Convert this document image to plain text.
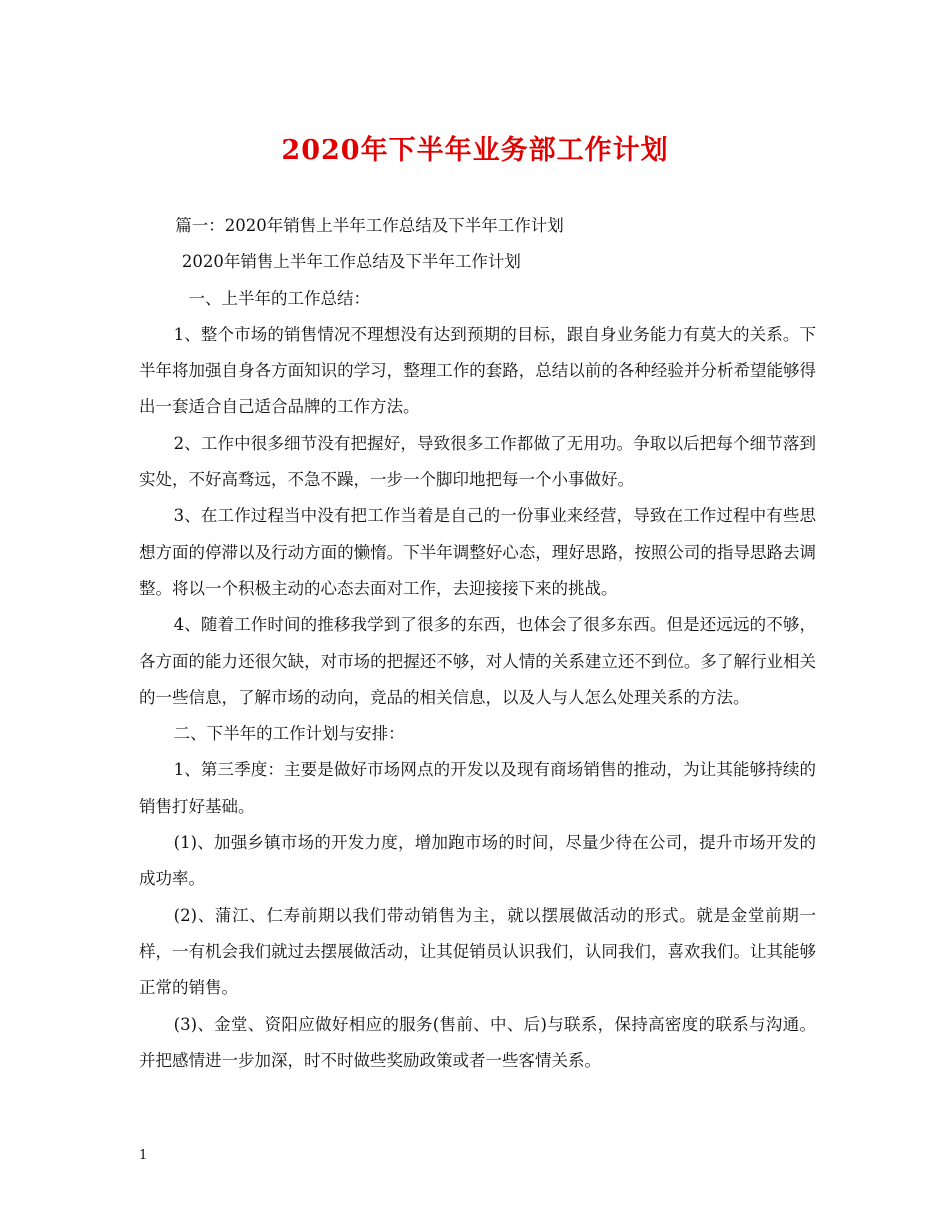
2020年下半年业务部工作计划

篇一：2020年销售上半年工作总结及下半年工作计划

2020年销售上半年工作总结及下半年工作计划

一、上半年的工作总结：

1、整个市场的销售情况不理想没有达到预期的目标，跟自身业务能力有莫大的关系。下半年将加强自身各方面知识的学习，整理工作的套路，总结以前的各种经验并分析希望能够得出一套适合自己适合品牌的工作方法。

2、工作中很多细节没有把握好，导致很多工作都做了无用功。争取以后把每个细节落到实处，不好高骛远，不急不躁，一步一个脚印地把每一个小事做好。

3、在工作过程当中没有把工作当着是自己的一份事业来经营，导致在工作过程中有些思想方面的停滞以及行动方面的懒惰。下半年调整好心态，理好思路，按照公司的指导思路去调整。将以一个积极主动的心态去面对工作，去迎接接下来的挑战。

4、随着工作时间的推移我学到了很多的东西，也体会了很多东西。但是还远远的不够，各方面的能力还很欠缺，对市场的把握还不够，对人情的关系建立还不到位。多了解行业相关的一些信息，了解市场的动向，竞品的相关信息，以及人与人怎么处理关系的方法。

二、下半年的工作计划与安排：

1、第三季度：主要是做好市场网点的开发以及现有商场销售的推动，为让其能够持续的销售打好基础。

(1)、加强乡镇市场的开发力度，增加跑市场的时间，尽量少待在公司，提升市场开发的成功率。

(2)、蒲江、仁寿前期以我们带动销售为主，就以摆展做活动的形式。就是金堂前期一样，一有机会我们就过去摆展做活动，让其促销员认识我们，认同我们，喜欢我们。让其能够正常的销售。

(3)、金堂、资阳应做好相应的服务(售前、中、后)与联系，保持高密度的联系与沟通。并把感情进一步加深，时不时做些奖励政策或者一些客情关系。

1
